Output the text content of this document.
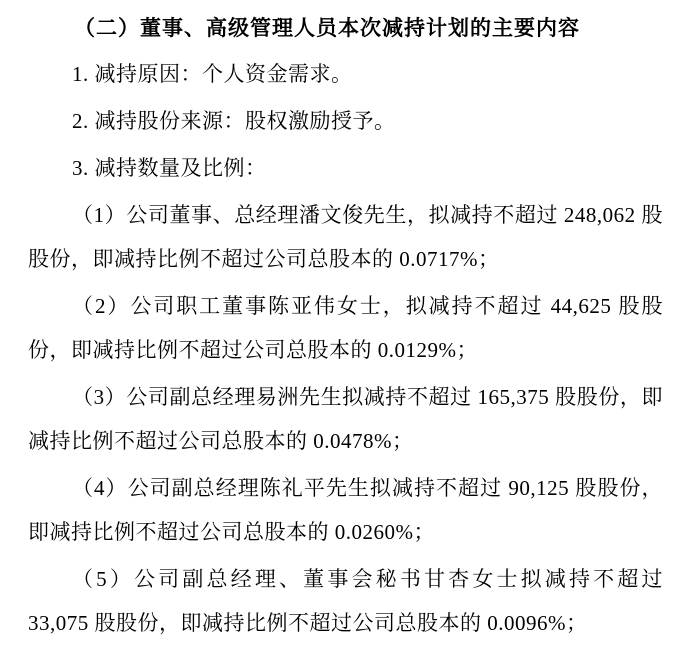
（二）董事、高级管理人员本次减持计划的主要内容

1. 减持原因：个人资金需求。

2. 减持股份来源：股权激励授予。

3. 减持数量及比例：

（1）公司董事、总经理潘文俊先生，拟减持不超过 248,062 股股份，即减持比例不超过公司总股本的 0.0717%；

（2）公司职工董事陈亚伟女士，拟减持不超过 44,625 股股份，即减持比例不超过公司总股本的 0.0129%；

（3）公司副总经理易洲先生拟减持不超过 165,375 股股份，即减持比例不超过公司总股本的 0.0478%；

（4）公司副总经理陈礼平先生拟减持不超过 90,125 股股份，即减持比例不超过公司总股本的 0.0260%；

（5）公司副总经理、董事会秘书甘杏女士拟减持不超过 33,075 股股份，即减持比例不超过公司总股本的 0.0096%；
